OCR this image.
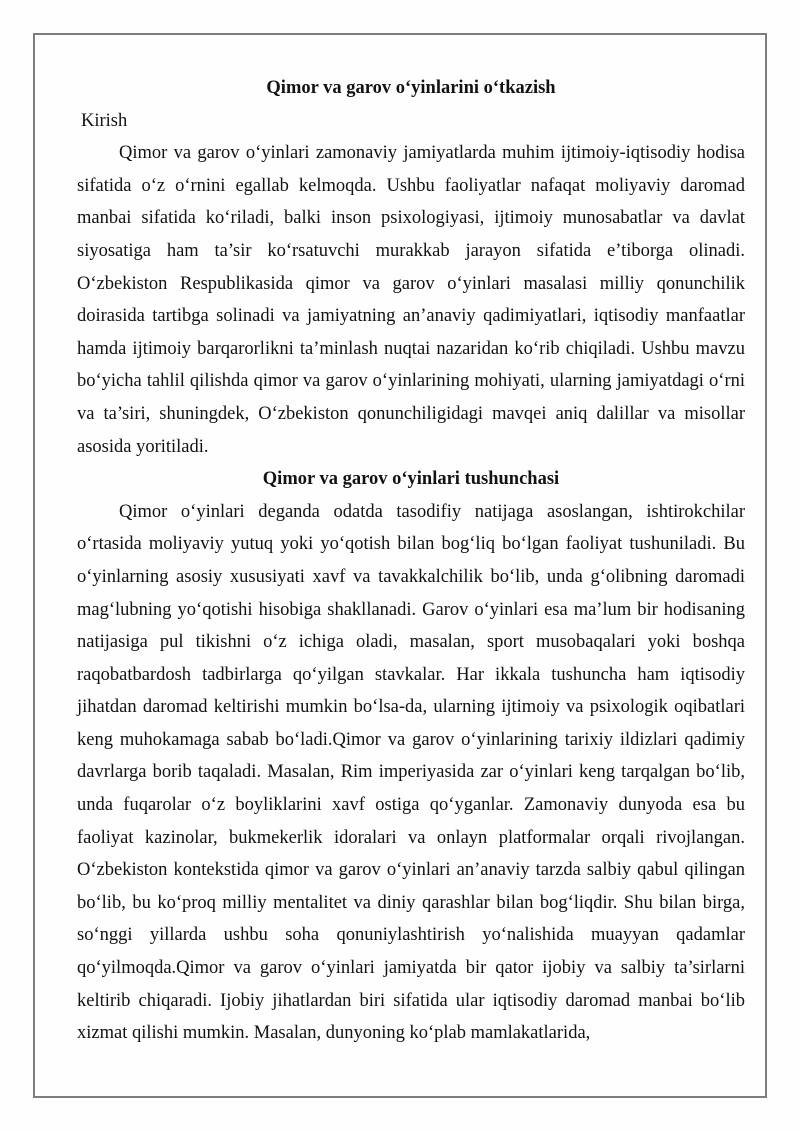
Qimor va garov o‘yinlarini o‘tkazish
Kirish

Qimor va garov o‘yinlari zamonaviy jamiyatlarda muhim ijtimoiy-iqtisodiy hodisa sifatida o‘z o‘rnini egallab kelmoqda. Ushbu faoliyatlar nafaqat moliyaviy daromad manbai sifatida ko‘riladi, balki inson psixologiyasi, ijtimoiy munosabatlar va davlat siyosatiga ham ta’sir ko‘rsatuvchi murakkab jarayon sifatida e’tiborga olinadi. O‘zbekiston Respublikasida qimor va garov o‘yinlari masalasi milliy qonunchilik doirasida tartibga solinadi va jamiyatning an’anaviy qadimiyatlari, iqtisodiy manfaatlar hamda ijtimoiy barqarorlikni ta’minlash nuqtai nazaridan ko‘rib chiqiladi. Ushbu mavzu bo‘yicha tahlil qilishda qimor va garov o‘yinlarining mohiyati, ularning jamiyatdagi o‘rni va ta’siri, shuningdek, O‘zbekiston qonunchiligidagi mavqei aniq dalillar va misollar asosida yoritiladi.

Qimor va garov o‘yinlari tushunchasi

Qimor o‘yinlari deganda odatda tasodifiy natijaga asoslangan, ishtirokchilar o‘rtasida moliyaviy yutuq yoki yo‘qotish bilan bog‘liq bo‘lgan faoliyat tushuniladi. Bu o‘yinlarning asosiy xususiyati xavf va tavakkalchilik bo‘lib, unda g‘olibning daromadi mag‘lubning yo‘qotishi hisobiga shakllanadi. Garov o‘yinlari esa ma’lum bir hodisaning natijasiga pul tikishni o‘z ichiga oladi, masalan, sport musobaqalari yoki boshqa raqobatbardosh tadbirlarga qo‘yilgan stavkalar. Har ikkala tushuncha ham iqtisodiy jihatdan daromad keltirishi mumkin bo‘lsa-da, ularning ijtimoiy va psixologik oqibatlari keng muhokamaga sabab bo‘ladi.Qimor va garov o‘yinlarining tarixiy ildizlari qadimiy davrlarga borib taqaladi. Masalan, Rim imperiyasida zar o‘yinlari keng tarqalgan bo‘lib, unda fuqarolar o‘z boyliklarini xavf ostiga qo‘yganlar. Zamonaviy dunyoda esa bu faoliyat kazinolar, bukmekerlik idoralari va onlayn platformalar orqali rivojlangan. O‘zbekiston kontekstida qimor va garov o‘yinlari an’anaviy tarzda salbiy qabul qilingan bo‘lib, bu ko‘proq milliy mentalitet va diniy qarashlar bilan bog‘liqdir. Shu bilan birga, so‘nggi yillarda ushbu soha qonuniylashtirish yo‘nalishida muayyan qadamlar qo‘yilmoqda.Qimor va garov o‘yinlari jamiyatda bir qator ijobiy va salbiy ta’sirlarni keltirib chiqaradi. Ijobiy jihatlardan biri sifatida ular iqtisodiy daromad manbai bo‘lib xizmat qilishi mumkin. Masalan, dunyoning ko‘plab mamlakatlarida,
